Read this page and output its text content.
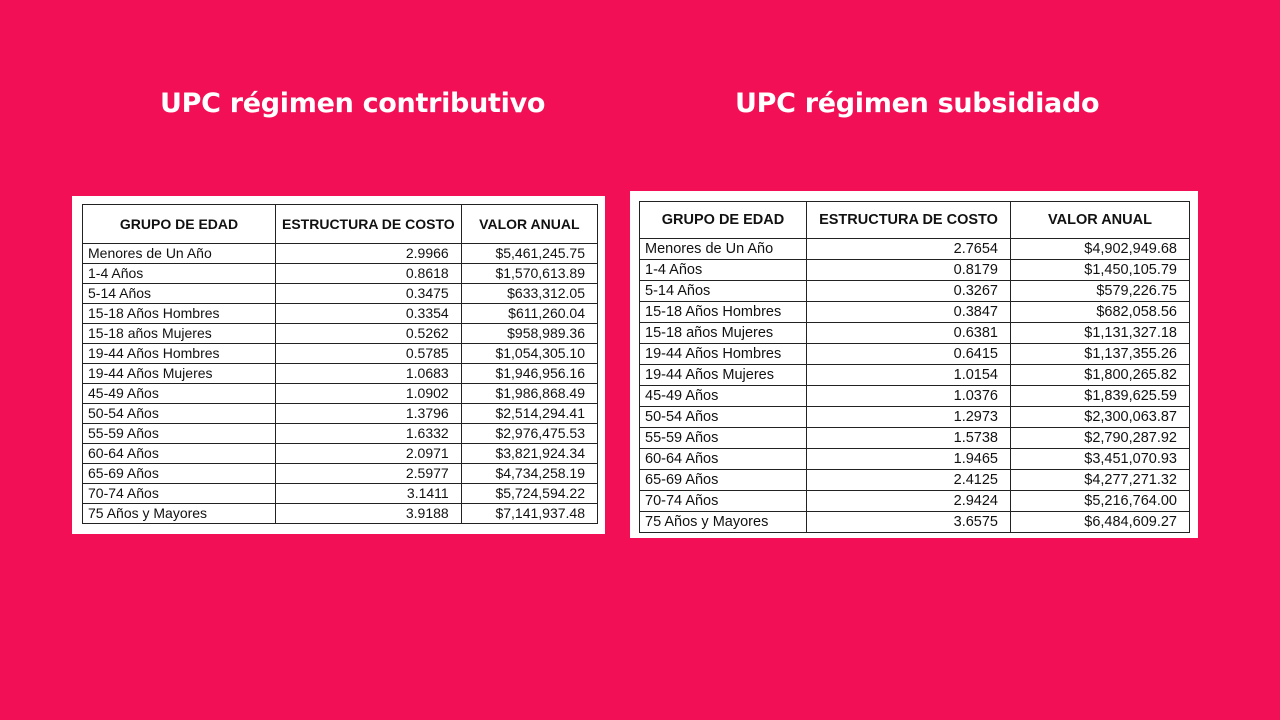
UPC régimen contributivo	UPC régimen subsidiado
GRUPO DE EDAD	ESTRUCTURA DE COSTO	VALOR ANUAL
Menores de Un Año	2.9966	$5,461,245.75
1-4 Años	0.8618	$1,570,613.89
5-14 Años	0.3475	$633,312.05
15-18 Años Hombres	0.3354	$611,260.04
15-18 años Mujeres	0.5262	$958,989.36
19-44 Años Hombres	0.5785	$1,054,305.10
19-44 Años Mujeres	1.0683	$1,946,956.16
45-49 Años	1.0902	$1,986,868.49
50-54 Años	1.3796	$2,514,294.41
55-59 Años	1.6332	$2,976,475.53
60-64 Años	2.0971	$3,821,924.34
65-69 Años	2.5977	$4,734,258.19
70-74 Años	3.1411	$5,724,594.22
75 Años y Mayores	3.9188	$7,141,937.48
GRUPO DE EDAD	ESTRUCTURA DE COSTO	VALOR ANUAL
Menores de Un Año	2.7654	$4,902,949.68
1-4 Años	0.8179	$1,450,105.79
5-14 Años	0.3267	$579,226.75
15-18 Años Hombres	0.3847	$682,058.56
15-18 años Mujeres	0.6381	$1,131,327.18
19-44 Años Hombres	0.6415	$1,137,355.26
19-44 Años Mujeres	1.0154	$1,800,265.82
45-49 Años	1.0376	$1,839,625.59
50-54 Años	1.2973	$2,300,063.87
55-59 Años	1.5738	$2,790,287.92
60-64 Años	1.9465	$3,451,070.93
65-69 Años	2.4125	$4,277,271.32
70-74 Años	2.9424	$5,216,764.00
75 Años y Mayores	3.6575	$6,484,609.27
